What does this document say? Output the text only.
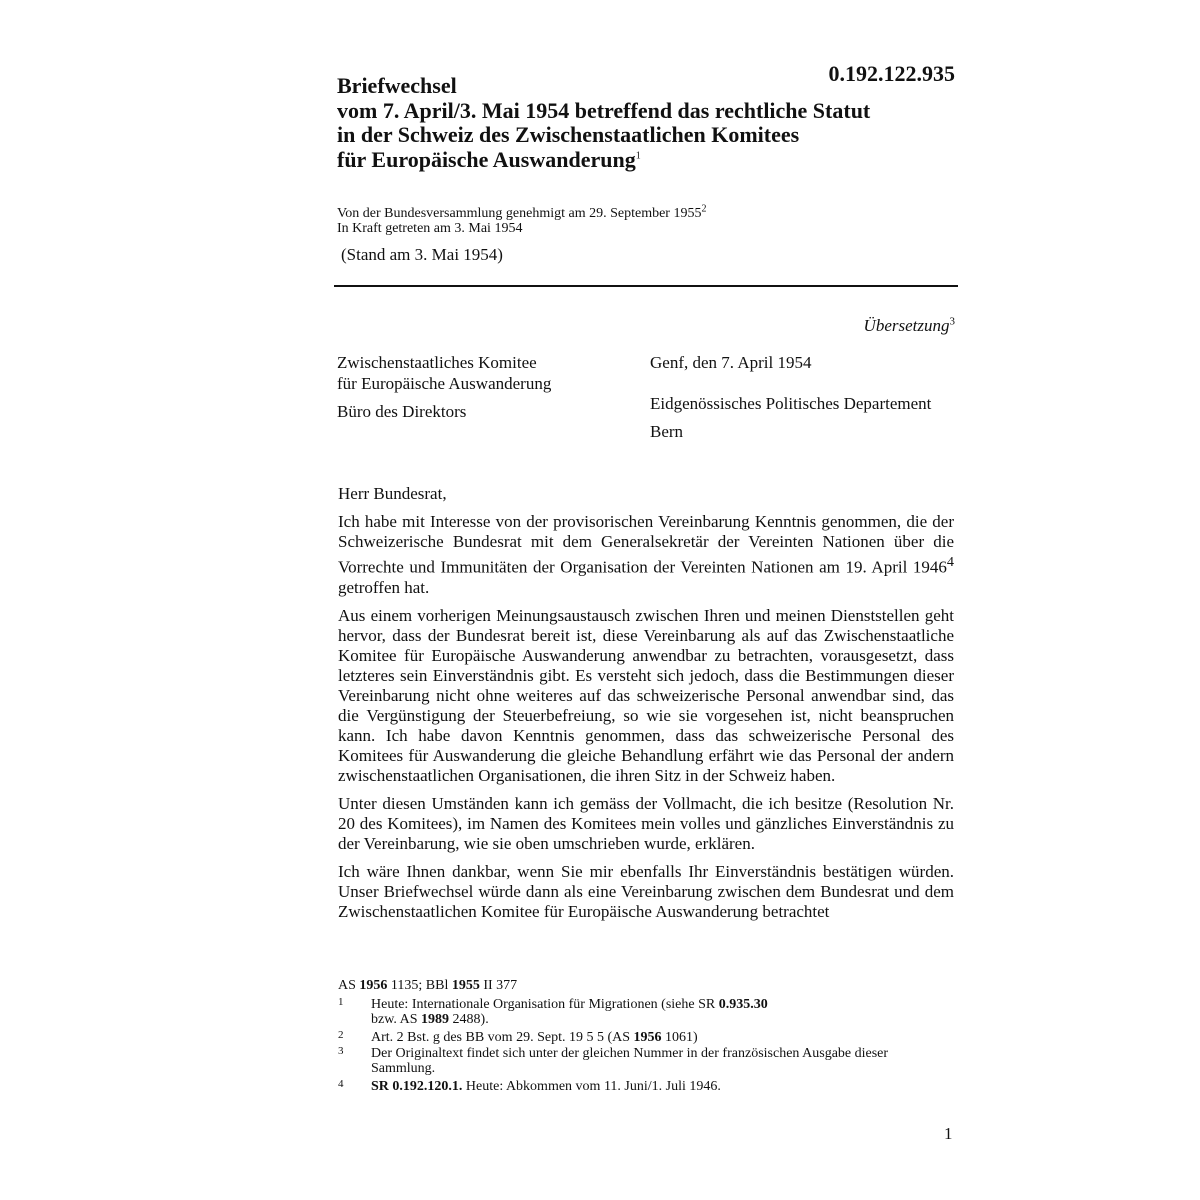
0.192.122.935
Briefwechsel
vom 7. April/3. Mai 1954 betreffend das rechtliche Statut
in der Schweiz des Zwischenstaatlichen Komitees
für Europäische Auswanderung$^1$
Von der Bundesversammlung genehmigt am 29. September 1955$^2$
In Kraft getreten am 3. Mai 1954
(Stand am 3. Mai 1954)
Übersetzung$^3$
Zwischenstaatliches Komitee
für Europäische Auswanderung
Büro des Direktors
Genf, den 7. April 1954
Eidgenössisches Politisches Departement
Bern

Herr Bundesrat,

Ich habe mit Interesse von der provisorischen Vereinbarung Kenntnis genommen, die der Schweizerische Bundesrat mit dem Generalsekretär der Vereinten Nationen über die Vorrechte und Immunitäten der Organisation der Vereinten Nationen am 19. April 1946$^4$ getroffen hat.

Aus einem vorherigen Meinungsaustausch zwischen Ihren und meinen Dienststellen geht hervor, dass der Bundesrat bereit ist, diese Vereinbarung als auf das Zwischenstaatliche Komitee für Europäische Auswanderung anwendbar zu betrachten, vorausgesetzt, dass letzteres sein Einverständnis gibt. Es versteht sich jedoch, dass die Bestimmungen dieser Vereinbarung nicht ohne weiteres auf das schweizerische Personal anwendbar sind, das die Vergünstigung der Steuerbefreiung, so wie sie vorgesehen ist, nicht beanspruchen kann. Ich habe davon Kenntnis genommen, dass das schweizerische Personal des Komitees für Auswanderung die gleiche Behandlung erfährt wie das Personal der andern zwischenstaatlichen Organisationen, die ihren Sitz in der Schweiz haben.

Unter diesen Umständen kann ich gemäss der Vollmacht, die ich besitze (Resolution Nr. 20 des Komitees), im Namen des Komitees mein volles und gänzliches Einverständnis zu der Vereinbarung, wie sie oben umschrieben wurde, erklären.

Ich wäre Ihnen dankbar, wenn Sie mir ebenfalls Ihr Einverständnis bestätigen würden. Unser Briefwechsel würde dann als eine Vereinbarung zwischen dem Bundesrat und dem Zwischenstaatlichen Komitee für Europäische Auswanderung betrachtet

AS 1956 1135; BBl 1955 II 377
1 Heute: Internationale Organisation für Migrationen (siehe SR 0.935.30
bzw. AS 1989 2488).
2 Art. 2 Bst. g des BB vom 29. Sept. 19 5 5 (AS 1956 1061)
3 Der Originaltext findet sich unter der gleichen Nummer in der französischen Ausgabe dieser Sammlung.
4 SR 0.192.120.1. Heute: Abkommen vom 11. Juni/1. Juli 1946.
1
